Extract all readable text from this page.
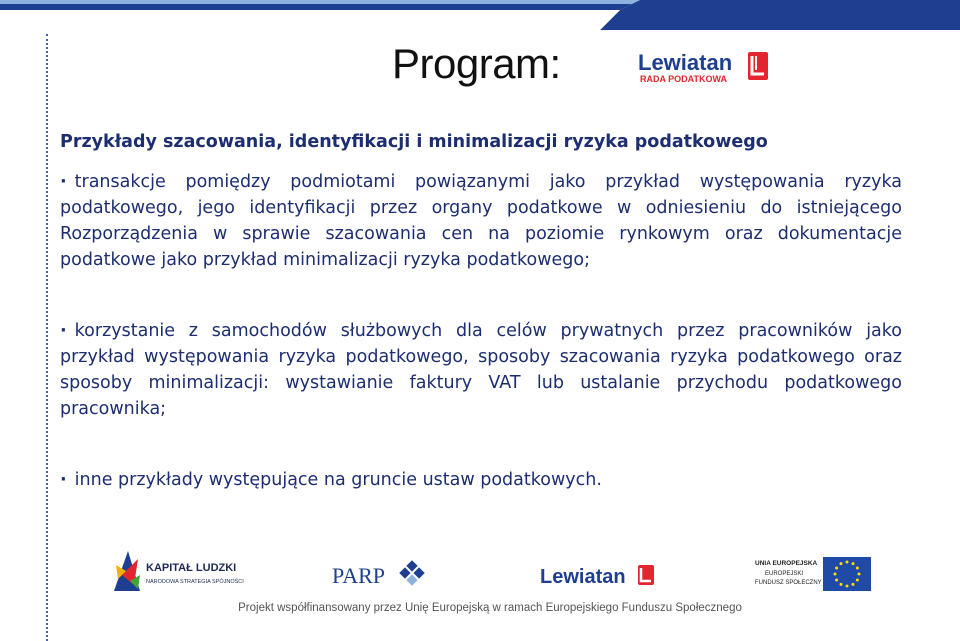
Program:	Lewiatan
RADA PODATKOWA
Przykłady szacowania, identyfikacji i minimalizacji ryzyka podatkowego
· transakcje pomiędzy podmiotami powiązanymi jako przykład występowania ryzyka podatkowego, jego identyfikacji przez organy podatkowe w odniesieniu do istniejącego Rozporządzenia w sprawie szacowania cen na poziomie rynkowym oraz dokumentacje podatkowe jako przykład minimalizacji ryzyka podatkowego;
· korzystanie z samochodów służbowych dla celów prywatnych przez pracowników jako przykład występowania ryzyka podatkowego, sposoby szacowania ryzyka podatkowego oraz sposoby minimalizacji: wystawianie faktury VAT lub ustalanie przychodu podatkowego pracownika;
· inne przykłady występujące na gruncie ustaw podatkowych.
KAPITAŁ LUDZKI
NARODOWA STRATEGIA SPÓJNOŚCI	PARP	Lewiatan
UNIA EUROPEJSKA
EUROPEJSKI
FUNDUSZ SPOŁECZNY
Projekt współfinansowany przez Unię Europejską w ramach Europejskiego Funduszu Społecznego
